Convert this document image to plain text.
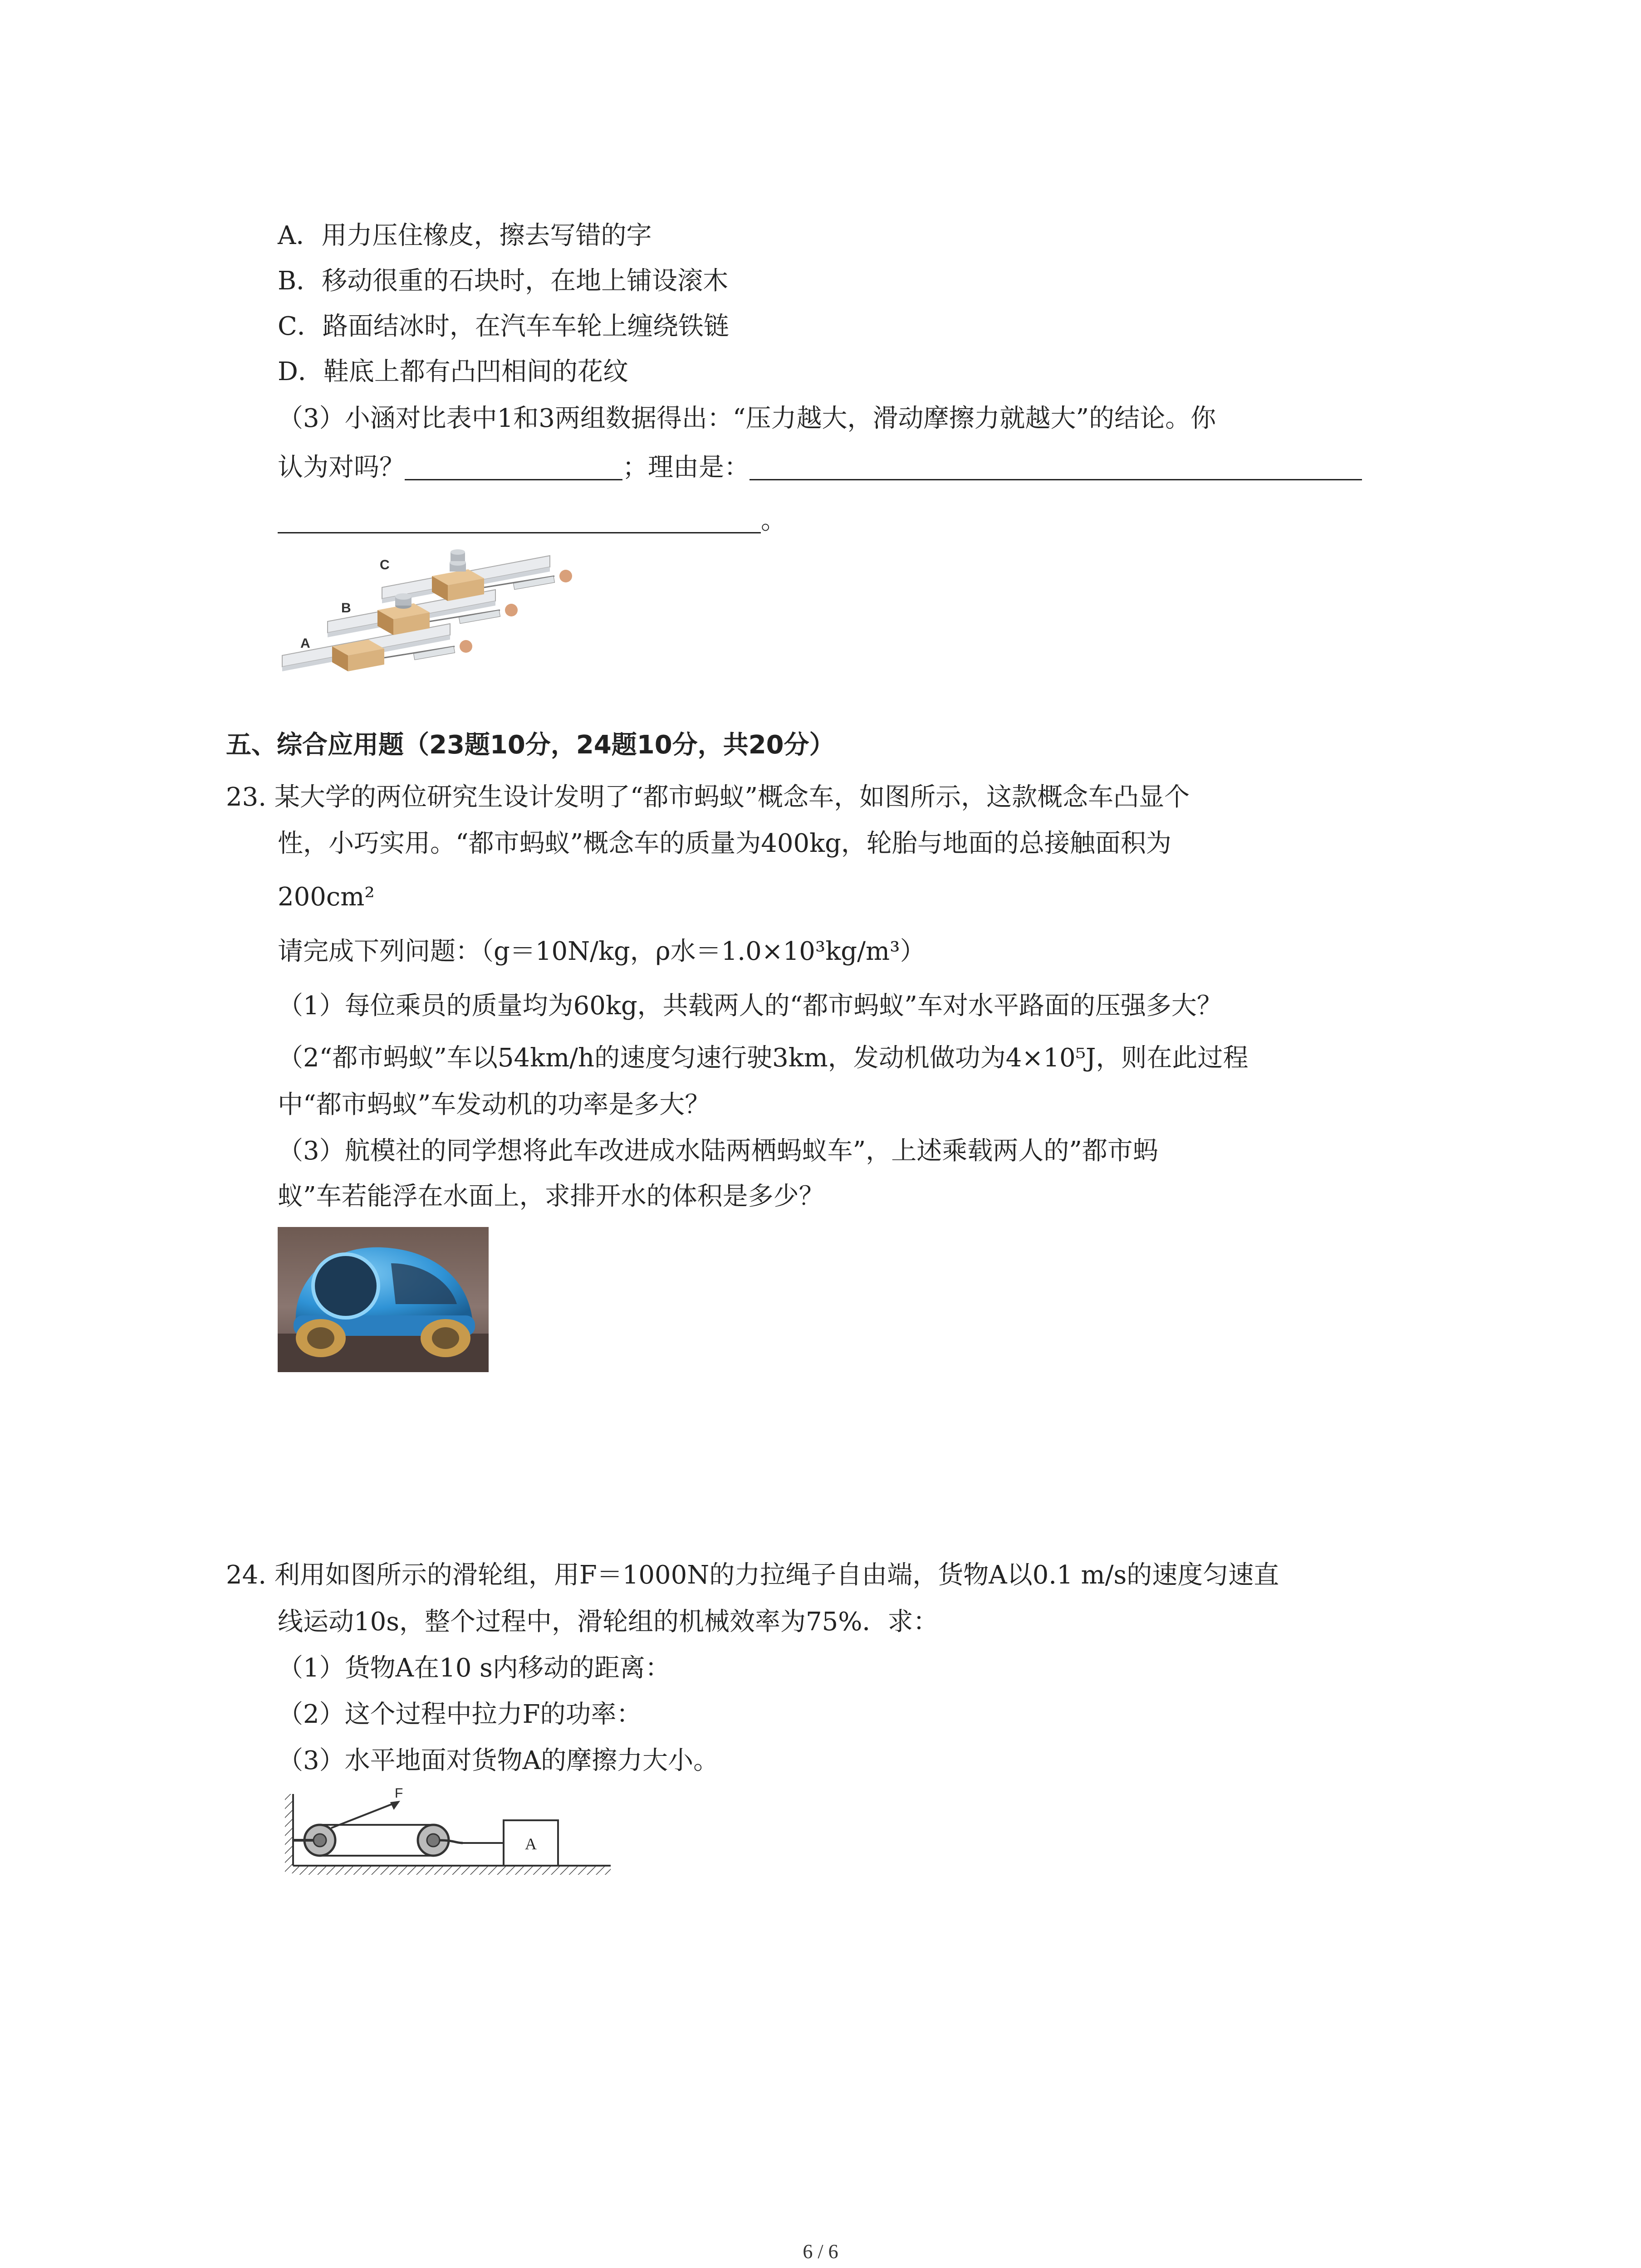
A．用力压住橡皮，擦去写错的字
B．移动很重的石块时，在地上铺设滚木
C．路面结冰时，在汽车车轮上缠绕铁链
D．鞋底上都有凸凹相间的花纹
（3）小涵对比表中1和3两组数据得出：“压力越大，滑动摩擦力就越大”的结论。你
认为对吗？	；理由是：
。
A
B
C
五、综合应用题（23题10分，24题10分，共20分）
23. 某大学的两位研究生设计发明了“都市蚂蚁”概念车，如图所示，这款概念车凸显个
性，小巧实用。“都市蚂蚁”概念车的质量为400kg，轮胎与地面的总接触面积为
200cm²
请完成下列问题：（g＝10N/kg，ρ水＝1.0×10³kg/m³）
（1）每位乘员的质量均为60kg，共载两人的“都市蚂蚁”车对水平路面的压强多大？
（2“都市蚂蚁”车以54km/h的速度匀速行驶3km，发动机做功为4×10⁵J，则在此过程
中“都市蚂蚁”车发动机的功率是多大？
（3）航模社的同学想将此车改进成水陆两栖蚂蚁车”，上述乘载两人的”都市蚂
蚁”车若能浮在水面上，求排开水的体积是多少？
24. 利用如图所示的滑轮组，用F＝1000N的力拉绳子自由端，货物A以0.1 m/s的速度匀速直
线运动10s，整个过程中，滑轮组的机械效率为75%．求：
（1）货物A在10 s内移动的距离：
（2）这个过程中拉力F的功率：
（3）水平地面对货物A的摩擦力大小。
F
A
6 / 6
